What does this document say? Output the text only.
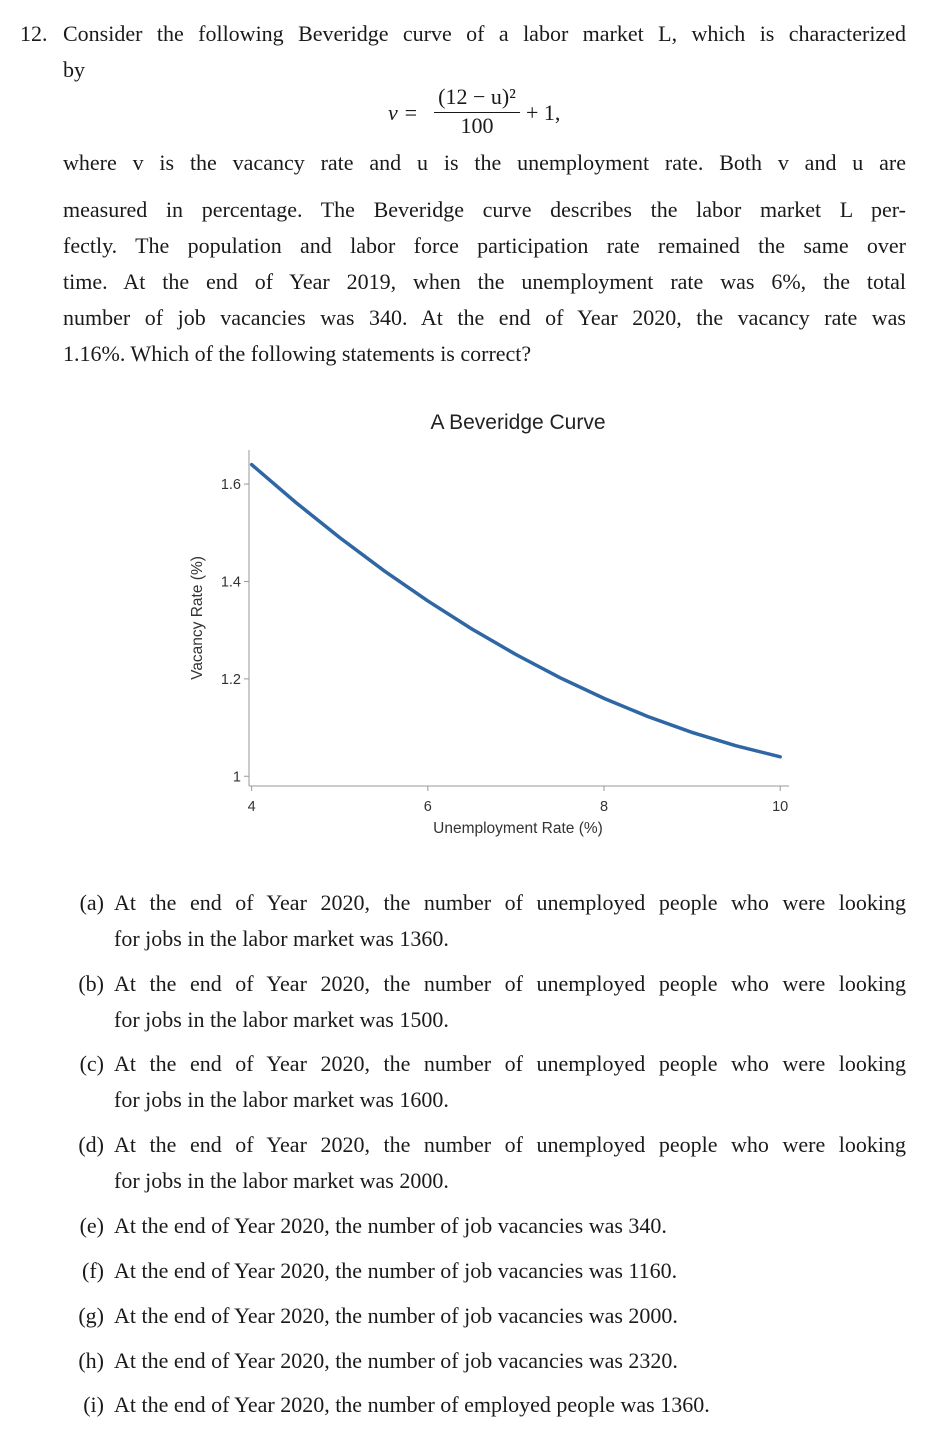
12. Consider the following Beveridge curve of a labor market L, which is characterized
by
$v = \frac{\text{(12 − u)²}}{100} + 1$,
where v is the vacancy rate and u is the unemployment rate. Both v and u are
measured in percentage. The Beveridge curve describes the labor market L per-
fectly. The population and labor force participation rate remained the same over
time. At the end of Year 2019, when the unemployment rate was 6%, the total
number of job vacancies was 340. At the end of Year 2020, the vacancy rate was
1.16%. Which of the following statements is correct?
A Beveridge Curve
4	6	8	10
1
1.2
1.4
1.6
Unemployment Rate (%)
Vacancy Rate (%)
(a) At the end of Year 2020, the number of unemployed people who were looking
for jobs in the labor market was 1360.
(b) At the end of Year 2020, the number of unemployed people who were looking
for jobs in the labor market was 1500.
(c) At the end of Year 2020, the number of unemployed people who were looking
for jobs in the labor market was 1600.
(d) At the end of Year 2020, the number of unemployed people who were looking
for jobs in the labor market was 2000.
(e) At the end of Year 2020, the number of job vacancies was 340.
(f) At the end of Year 2020, the number of job vacancies was 1160.
(g) At the end of Year 2020, the number of job vacancies was 2000.
(h) At the end of Year 2020, the number of job vacancies was 2320.
(i) At the end of Year 2020, the number of employed people was 1360.
